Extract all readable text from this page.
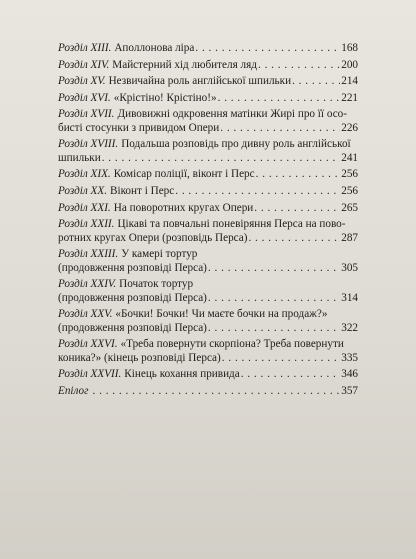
Розділ XIII. Аполлонова ліра . . .	168
Розділ XIV. Майстерний хід любителя ляд . . .	200
Розділ XV. Незвичайна роль англійської шпильки . . .	214
Розділ XVI. «Крістіно! Крістіно!» . . .	221
Розділ XVII. Дивовижні одкровення матінки Жирі про її осо-
бисті стосунки з привидом Опери . . .	226
Розділ XVIII. Подальша розповідь про дивну роль англійської
шпильки . . .	241
Розділ XIX. Комісар поліції, віконт і Перс . . .	256
Розділ XX. Віконт і Перс . . .	256
Розділ XXI. На поворотних кругах Опери . . .	265
Розділ XXII. Цікаві та повчальні поневіряння Перса на пово-
ротних кругах Опери (розповідь Перса) . . .	287
Розділ XXIII. У камері тортур
(продовження розповіді Перса) . . .	305
Розділ XXIV. Початок тортур
(продовження розповіді Перса) . . .	314
Розділ XXV. «Бочки! Бочки! Чи маєте бочки на продаж?»
(продовження розповіді Перса) . . .	322
Розділ XXVI. «Треба повернути скорпіона? Треба повернути
коника?» (кінець розповіді Перса) . . .	335
Розділ XXVII. Кінець кохання привида . . .	346
Епілог . . .	357
